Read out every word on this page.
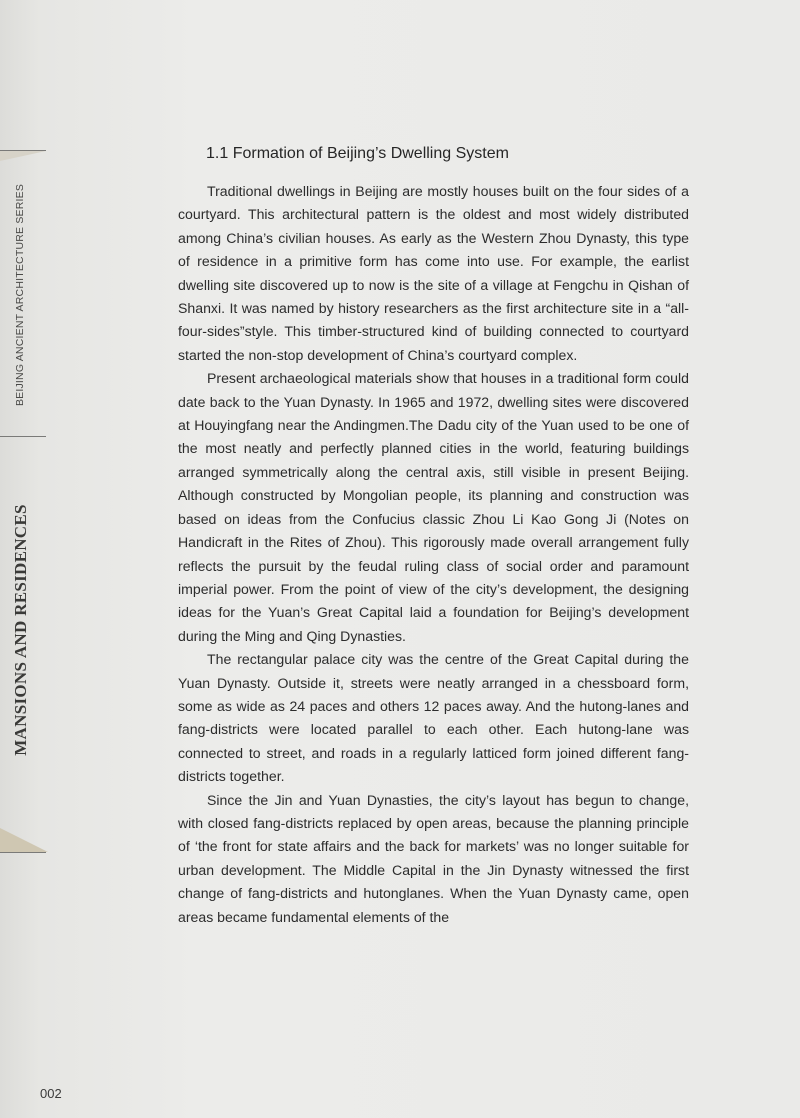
BEIJING ANCIENT ARCHITECTURE SERIES
MANSIONS AND RESIDENCES
1.1 Formation of Beijing’s Dwelling System

Traditional dwellings in Beijing are mostly houses built on the four sides of a courtyard. This architectural pattern is the oldest and most widely distributed among China’s civilian houses. As early as the Western Zhou Dynasty, this type of residence in a primitive form has come into use. For example, the earlist dwelling site discovered up to now is the site of a village at Fengchu in Qishan of Shanxi. It was named by history researchers as the first architecture site in a “all-four-sides”style. This timber-structured kind of building connected to courtyard started the non-stop development of China’s courtyard complex.

Present archaeological materials show that houses in a traditional form could date back to the Yuan Dynasty. In 1965 and 1972, dwelling sites were discovered at Houyingfang near the Andingmen.The Dadu city of the Yuan used to be one of the most neatly and perfectly planned cities in the world, featuring buildings arranged symmetrically along the central axis, still visible in present Beijing. Although constructed by Mongolian people, its planning and construction was based on ideas from the Confucius classic Zhou Li Kao Gong Ji (Notes on Handicraft in the Rites of Zhou). This rigorously made overall arrangement fully reflects the pursuit by the feudal ruling class of social order and paramount imperial power. From the point of view of the city’s development, the designing ideas for the Yuan’s Great Capital laid a foundation for Beijing’s development during the Ming and Qing Dynasties.

The rectangular palace city was the centre of the Great Capital during the Yuan Dynasty. Outside it, streets were neatly arranged in a chessboard form, some as wide as 24 paces and others 12 paces away. And the hutong-lanes and fang-districts were located parallel to each other. Each hutong-lane was connected to street, and roads in a regularly latticed form joined different fang-districts together.

Since the Jin and Yuan Dynasties, the city’s layout has begun to change, with closed fang-districts replaced by open areas, because the planning principle of ‘the front for state affairs and the back for markets’ was no longer suitable for urban development. The Middle Capital in the Jin Dynasty witnessed the first change of fang-districts and hutonglanes. When the Yuan Dynasty came, open areas became fundamental elements of the

002
